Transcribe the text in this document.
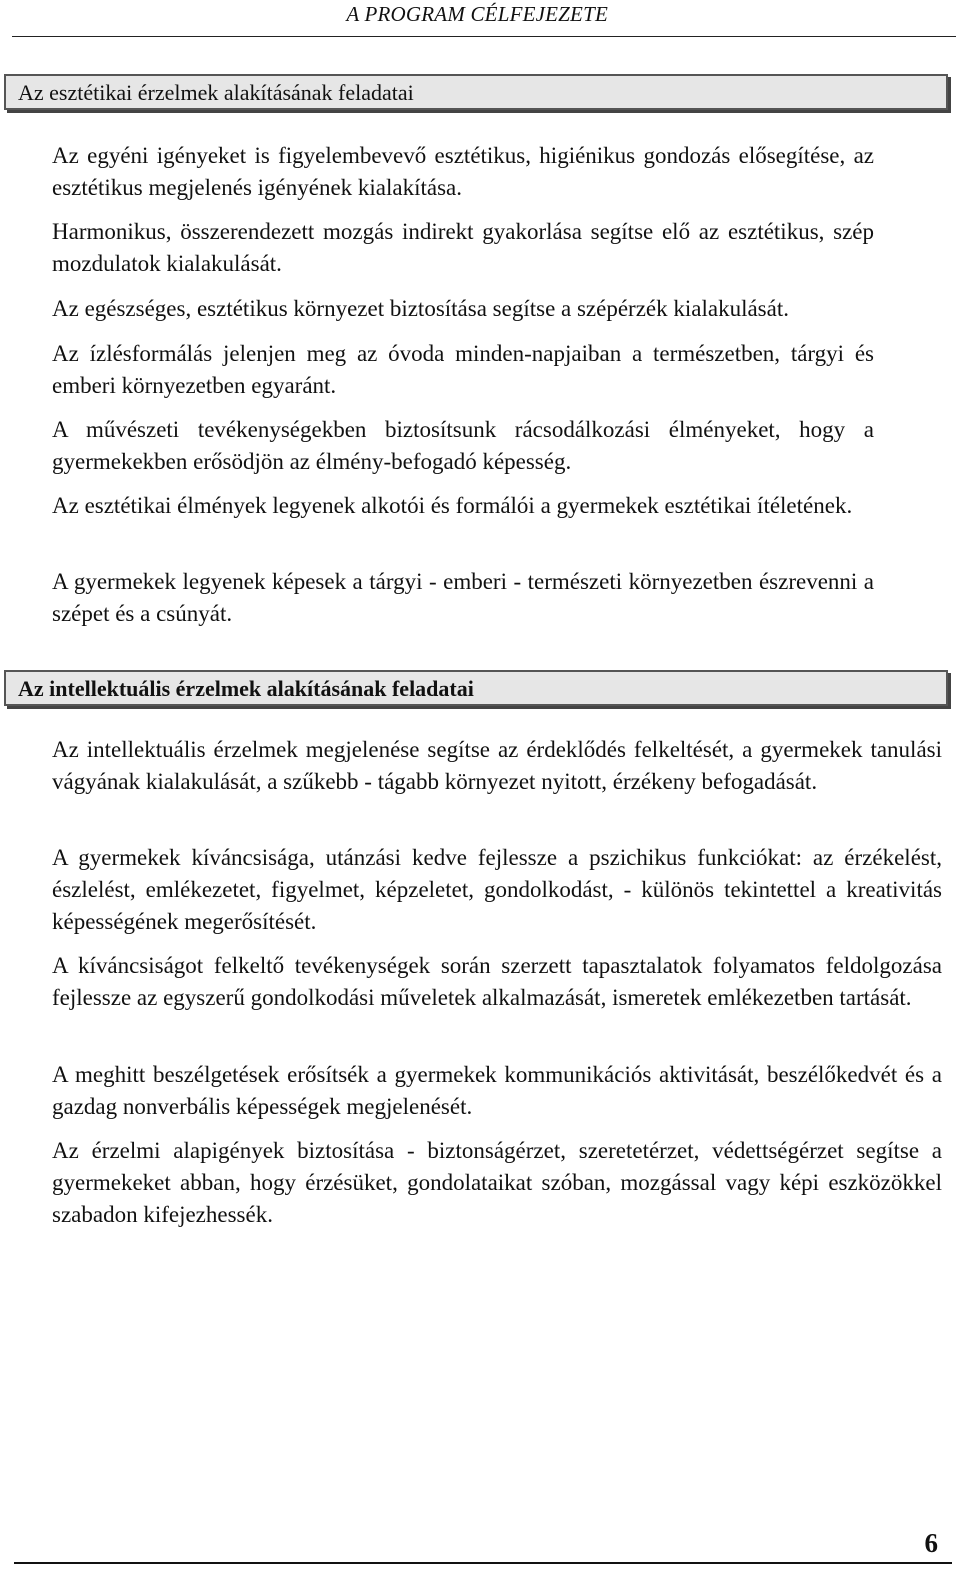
A PROGRAM CÉLFEJEZETE
Az esztétikai érzelmek alakításának feladatai

Az egyéni igényeket is figyelembevevő esztétikus, higiénikus gondozás elősegítése, az esztétikus megjelenés igényének kialakítása.

Harmonikus, összerendezett mozgás indirekt gyakorlása segítse elő az esztétikus, szép mozdulatok kialakulását.

Az egészséges, esztétikus környezet biztosítása segítse a szépérzék kialakulását.

Az ízlésformálás jelenjen meg az óvoda minden-napjaiban a természetben, tárgyi és emberi környezetben egyaránt.

A művészeti tevékenységekben biztosítsunk rácsodálkozási élményeket, hogy a gyermekekben erősödjön az élmény-befogadó képesség.

Az esztétikai élmények legyenek alkotói és formálói a gyermekek esztétikai ítéletének.

A gyermekek legyenek képesek a tárgyi - emberi - természeti környezetben észrevenni a szépet és a csúnyát.

Az intellektuális érzelmek alakításának feladatai

Az intellektuális érzelmek megjelenése segítse az érdeklődés felkeltését, a gyermekek tanulási vágyának kialakulását, a szűkebb - tágabb környezet nyitott, érzékeny befogadását.

A gyermekek kíváncsisága, utánzási kedve fejlessze a pszichikus funkciókat: az érzékelést, észlelést, emlékezetet, figyelmet, képzeletet, gondolkodást, - különös tekintettel a kreativitás képességének megerősítését.

A kíváncsiságot felkeltő tevékenységek során szerzett tapasztalatok folyamatos feldolgozása fejlessze az egyszerű gondolkodási műveletek alkalmazását, ismeretek emlékezetben tartását.

A meghitt beszélgetések erősítsék a gyermekek kommunikációs aktivitását, beszélőkedvét és a gazdag nonverbális képességek megjelenését.

Az érzelmi alapigények biztosítása - biztonságérzet, szeretetérzet, védettségérzet segítse a gyermekeket abban, hogy érzésüket, gondolataikat szóban, mozgással vagy képi eszközökkel szabadon kifejezhessék.

6
